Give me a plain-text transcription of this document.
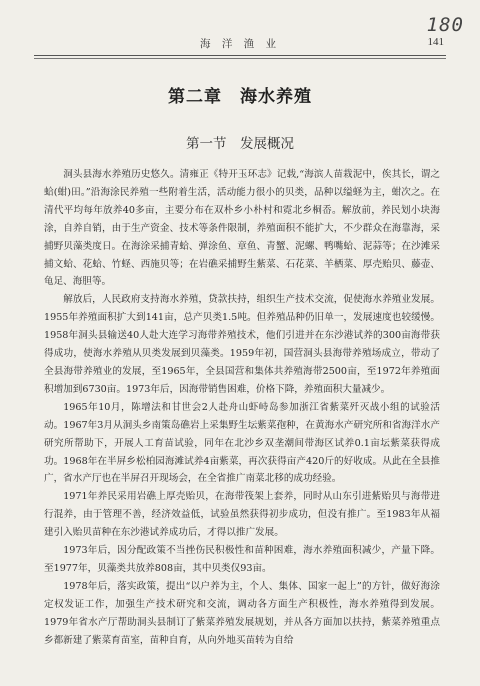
180
海 洋 渔 业	141
第二章　海水养殖
第一节　发展概况

洞头县海水养殖历史悠久。清雍正《特开玉环志》记载,“海滨人苗栽泥中，俟其长，谓之蛤(蚶)田。”沿海涂民养殖一些附着生活，活动能力很小的贝类，品种以缢蛏为主，蚶次之。在清代平均每年放养40多亩，主要分布在双朴乡小朴村和霓北乡桐岙。解放前，养民划小块海涂，自养自销，由于生产资金、技术等条件限制，养殖面积不能扩大，不少群众在海靠海，采捕野贝藻类度日。在海涂采捕青蛤、弹涂鱼、章鱼、青蟹、泥螺、鸭嘴蛤、泥蒜等；在沙滩采捕文蛤、花蛤、竹蛏、西施贝等；在岩礁采捕野生紫菜、石花菜、羊栖菜、厚壳贻贝、藤壶、龟足、海胆等。

解放后，人民政府支持海水养殖，贷款扶持，组织生产技术交流，促使海水养殖业发展。1955年养殖面积扩大到141亩，总产贝类1.5吨。但养殖品种仍旧单一，发展速度也较缓慢。1958年洞头县输送40人赴大连学习海带养殖技术，他们引进并在东沙港试养的300亩海带获得成功，使海水养殖从贝类发展到贝藻类。1959年初，国营洞头县海带养殖场成立，带动了全县海带养殖业的发展，至1965年，全县国营和集体共养殖海带2500亩，至1972年养殖面积增加到6730亩。1973年后，因海带销售困难，价格下降，养殖面积大量减少。

1965年10月，陈增法和甘世会2人赴舟山虾峙岛参加浙江省紫菜歼灭战小组的试验活动。1967年3月从洞头乡南策岛礁岩上采集野生坛紫菜孢种，在黄海水产研究所和省海洋水产研究所帮助下，开展人工育苗试验，同年在北沙乡双垄潮间带海区试养0.1亩坛紫菜获得成功。1968年在半屏乡松柏园海滩试养4亩紫菜，再次获得亩产420斤的好收成。从此在全县推广，省水产厅也在半屏召开现场会，在全省推广南菜北移的成功经验。

1971年养民采用岩礁上厚壳贻贝，在海带筏架上套养，同时从山东引进紫贻贝与海带进行混养，由于管理不善，经济效益低，试验虽然获得初步成功，但没有推广。至1983年从福建引入贻贝苗种在东沙港试养成功后，才得以推广发展。

1973年后，因分配政策不当挫伤民积极性和苗种困难，海水养殖面积减少，产量下降。至1977年，贝藻类共放养808亩，其中贝类仅93亩。

1978年后，落实政策，提出“以户养为主，个人、集体、国家一起上”的方针，做好海涂定权发证工作，加强生产技术研究和交流，调动各方面生产积极性，海水养殖得到发展。1979年省水产厅帮助洞头县制订了紫菜养殖发展规划，并从各方面加以扶持，紫菜养殖重点乡都新建了紫菜育苗室，苗种自育，从向外地买苗转为自给
